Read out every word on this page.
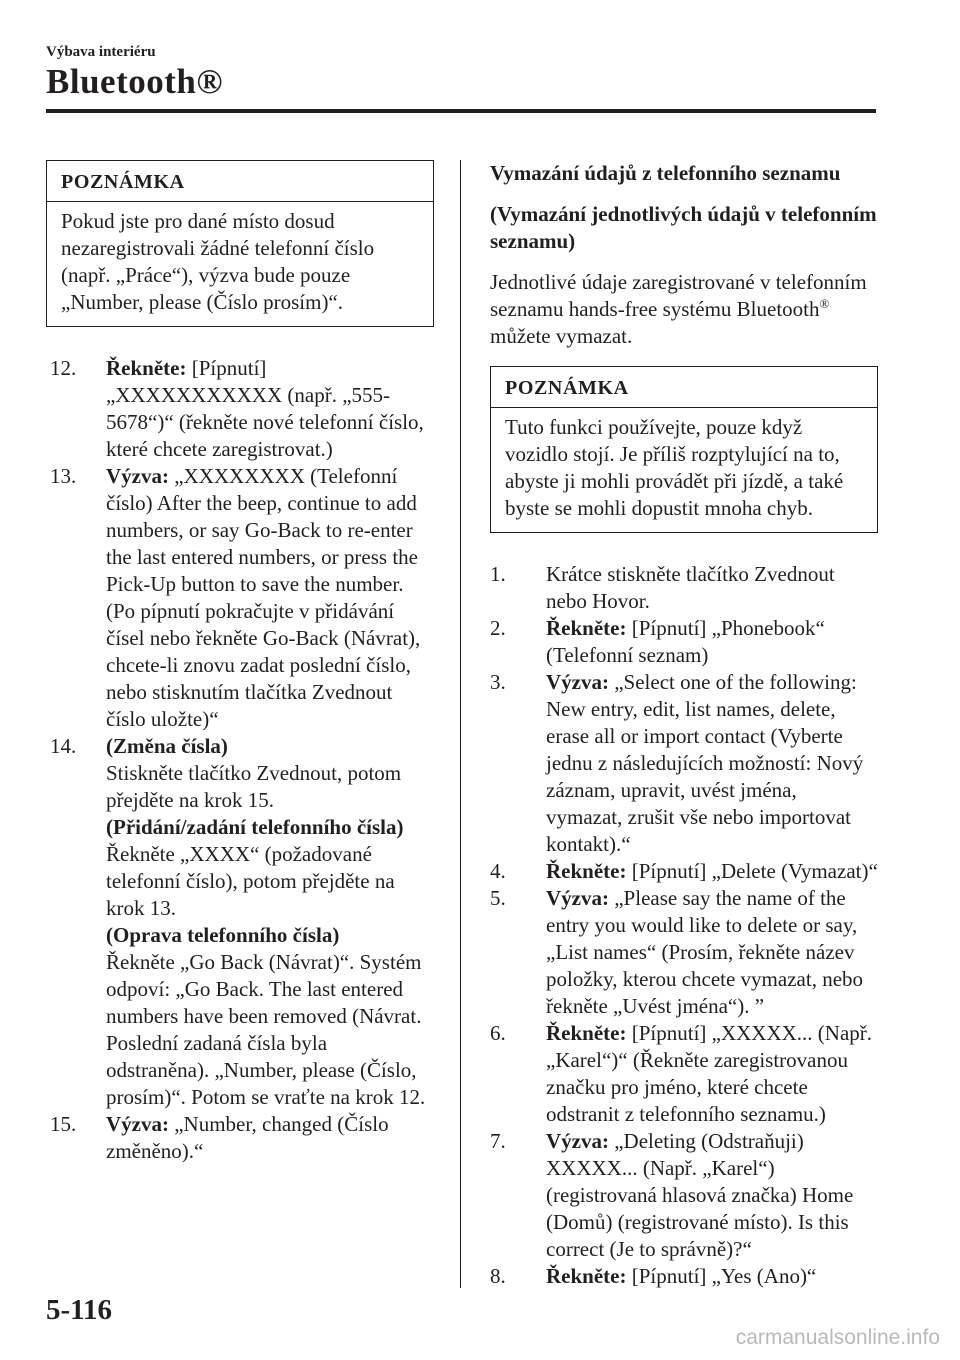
Výbava interiéru
Bluetooth®
POZNÁMKA
Pokud jste pro dané místo dosud nezaregistrovali žádné telefonní číslo (např. „Práce“), výzva bude pouze „Number, please (Číslo prosím)“.
12. Řekněte: [Pípnutí] „XXXXXXXXXXX (např. „555-5678“)“ (řekněte nové telefonní číslo, které chcete zaregistrovat.)
13. Výzva: „XXXXXXXX (Telefonní číslo) After the beep, continue to add numbers, or say Go-Back to re-enter the last entered numbers, or press the Pick-Up button to save the number. (Po pípnutí pokračujte v přidávání čísel nebo řekněte Go-Back (Návrat), chcete-li znovu zadat poslední číslo, nebo stisknutím tlačítka Zvednout číslo uložte)“
14. (Změna čísla)
Stiskněte tlačítko Zvednout, potom přejděte na krok 15.
(Přidání/zadání telefonního čísla)
Řekněte „XXXX“ (požadované telefonní číslo), potom přejděte na krok 13.
(Oprava telefonního čísla)
Řekněte „Go Back (Návrat)“. Systém odpoví: „Go Back. The last entered numbers have been removed (Návrat. Poslední zadaná čísla byla odstraněna). „Number, please (Číslo, prosím)“. Potom se vraťte na krok 12.
15. Výzva: „Number, changed (Číslo změněno).“
Vymazání údajů z telefonního seznamu
(Vymazání jednotlivých údajů v telefonním seznamu)

Jednotlivé údaje zaregistrované v telefonním seznamu hands-free systému Bluetooth® můžete vymazat.

POZNÁMKA
Tuto funkci používejte, pouze když vozidlo stojí. Je příliš rozptylující na to, abyste ji mohli provádět při jízdě, a také byste se mohli dopustit mnoha chyb.
1. Krátce stiskněte tlačítko Zvednout nebo Hovor.
2. Řekněte: [Pípnutí] „Phonebook“ (Telefonní seznam)
3. Výzva: „Select one of the following: New entry, edit, list names, delete, erase all or import contact (Vyberte jednu z následujících možností: Nový záznam, upravit, uvést jména, vymazat, zrušit vše nebo importovat kontakt).“
4. Řekněte: [Pípnutí] „Delete (Vymazat)“
5. Výzva: „Please say the name of the entry you would like to delete or say, „List names“ (Prosím, řekněte název položky, kterou chcete vymazat, nebo řekněte „Uvést jména“). ”
6. Řekněte: [Pípnutí] „XXXXX... (Např. „Karel“)“ (Řekněte zaregistrovanou značku pro jméno, které chcete odstranit z telefonního seznamu.)
7. Výzva: „Deleting (Odstraňuji) XXXXX... (Např. „Karel“) (registrovaná hlasová značka) Home (Domů) (registrované místo). Is this correct (Je to správně)?“
8. Řekněte: [Pípnutí] „Yes (Ano)“
5-116
carmanualsonline.info
